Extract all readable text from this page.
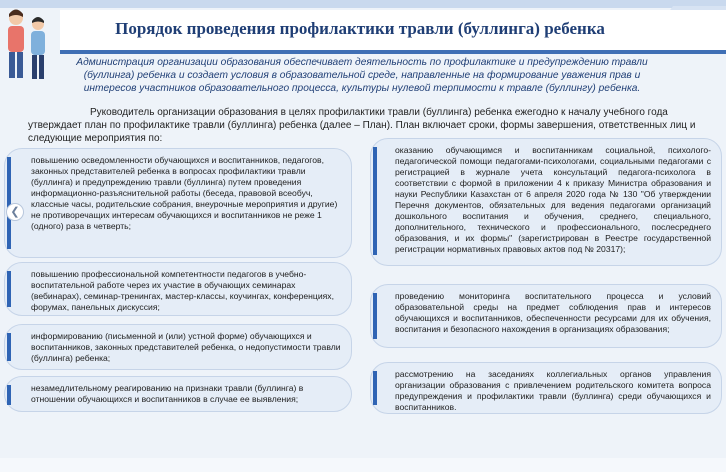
Порядок проведения профилактики травли (буллинга) ребенка
Администрация организации образования обеспечивает деятельность по профилактике и предупреждению травли (буллинга) ребенка и создает условия в образовательной среде, направленные на формирование уважения прав и интересов участников образовательного процесса, культуры нулевой терпимости к травле (буллингу) ребенка.

Руководитель организации образования в целях профилактики травли (буллинга) ребенка ежегодно к началу учебного года утверждает план по профилактике травли (буллинга) ребенка (далее – План). План включает сроки, формы завершения, ответственных лиц и следующие мероприятия по:

повышению осведомленности обучающихся и воспитанников, педагогов, законных представителей ребенка в вопросах профилактики травли (буллинга) и предупреждению травли (буллинга) путем проведения информационно-разъяснительной работы (беседа, правовой всеобуч, классные часы, родительские собрания, внеурочные мероприятия и другие) не противоречащих интересам обучающихся и воспитанников не реже 1 (одного) раза в четверть;
повышению профессиональной компетентности педагогов в учебно-воспитательной работе через их участие в обучающих семинарах (вебинарах), семинар-тренингах, мастер-классы, коучингах, конференциях, форумах, панельных дискуссия;
информированию (письменной и (или) устной форме) обучающихся и воспитанников, законных представителей ребенка, о недопустимости травли (буллинга) ребенка;
незамедлительному реагированию на признаки травли (буллинга) в отношении обучающихся и воспитанников в случае ее выявления;
оказанию обучающимся и воспитанникам социальной, психолого-педагогической помощи педагогами-психологами, социальными педагогами с регистрацией в журнале учета консультаций педагога-психолога в соответствии с формой в приложении 4 к приказу Министра образования и науки Республики Казахстан от 6 апреля 2020 года № 130 "Об утверждении Перечня документов, обязательных для ведения педагогами организаций дошкольного воспитания и обучения, среднего, специального, дополнительного, технического и профессионального, послесреднего образования, и их формы" (зарегистрирован в Реестре государственной регистрации нормативных правовых актов под № 20317);
проведению мониторинга воспитательного процесса и условий образовательной среды на предмет соблюдения прав и интересов обучающихся и воспитанников, обеспеченности ресурсами для их обучения, воспитания и безопасного нахождения в организациях образования;
рассмотрению на заседаниях коллегиальных органов управления организации образования с привлечением родительского комитета вопроса предупреждения и профилактики травли (буллинга) среди обучающихся и воспитанников.
❮
